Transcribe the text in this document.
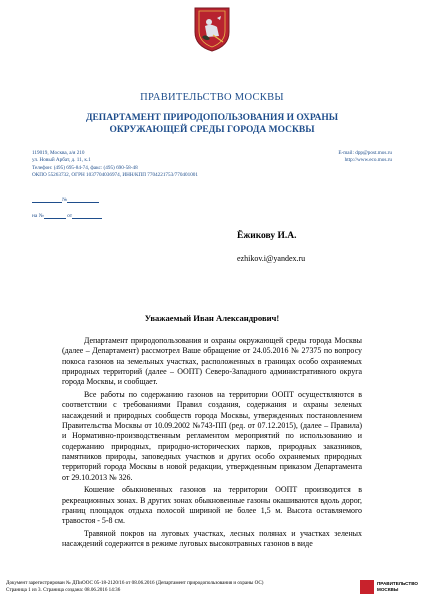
ПРАВИТЕЛЬСТВО МОСКВЫ
ДЕПАРТАМЕНТ ПРИРОДОПОЛЬЗОВАНИЯ И ОХРАНЫ
ОКРУЖАЮЩЕЙ СРЕДЫ ГОРОДА МОСКВЫ
119019, Москва, а/я 210
ул. Новый Арбат, д. 11, к.1
Телефон: (495) 695-84-74, факс: (495) 690-58-48
ОКПО 55263732, ОГРН 1037704036974, ИНН/КПП 7704221753/770401001
E-mail: dpp@post.mos.ru
http://www.eco.mos.ru
№
на №	от
Ёжикову И.А.
ezhikov.i@yandex.ru
Уважаемый Иван Александрович!

Департамент природопользования и охраны окружающей среды города Москвы (далее – Департамент) рассмотрел Ваше обращение от 24.05.2016 № 27375 по вопросу покоса газонов на земельных участках, расположенных в границах особо охраняемых природных территорий (далее – ООПТ) Северо-Западного административного округа города Москвы, и сообщает.

Все работы по содержанию газонов на территории ООПТ осуществляются в соответствии с требованиями Правил создания, содержания и охраны зеленых насаждений и природных сообществ города Москвы, утвержденных постановлением Правительства Москвы от 10.09.2002 №743-ПП (ред. от 07.12.2015), (далее – Правила) и Нормативно-производственным регламентом мероприятий по использованию и содержанию природных, природно-исторических парков, природных заказников, памятников природы, заповедных участков и других особо охраняемых природных территорий города Москвы в новой редакции, утвержденным приказом Департамента от 29.10.2013 № 326.

Кошение обыкновенных газонов на территории ООПТ производится в рекреационных зонах. В других зонах обыкновенные газоны окашиваются вдоль дорог, границ площадок отдыха полосой шириной не более 1,5 м. Высота оставляемого травостоя - 5-8 см.

Травяной покров на луговых участках, лесных полянах и участках зеленых насаждений содержится в режиме луговых высокотравных газонов в виде

Документ зарегистрирован № ДПиООС 05-18-2120/16 от 08.06.2016 (Департамент природопользования и охраны ОС)
Страница 1 из 3. Страница создана: 08.06.2016 14:36
ПРАВИТЕЛЬСТВО
МОСКВЫ
